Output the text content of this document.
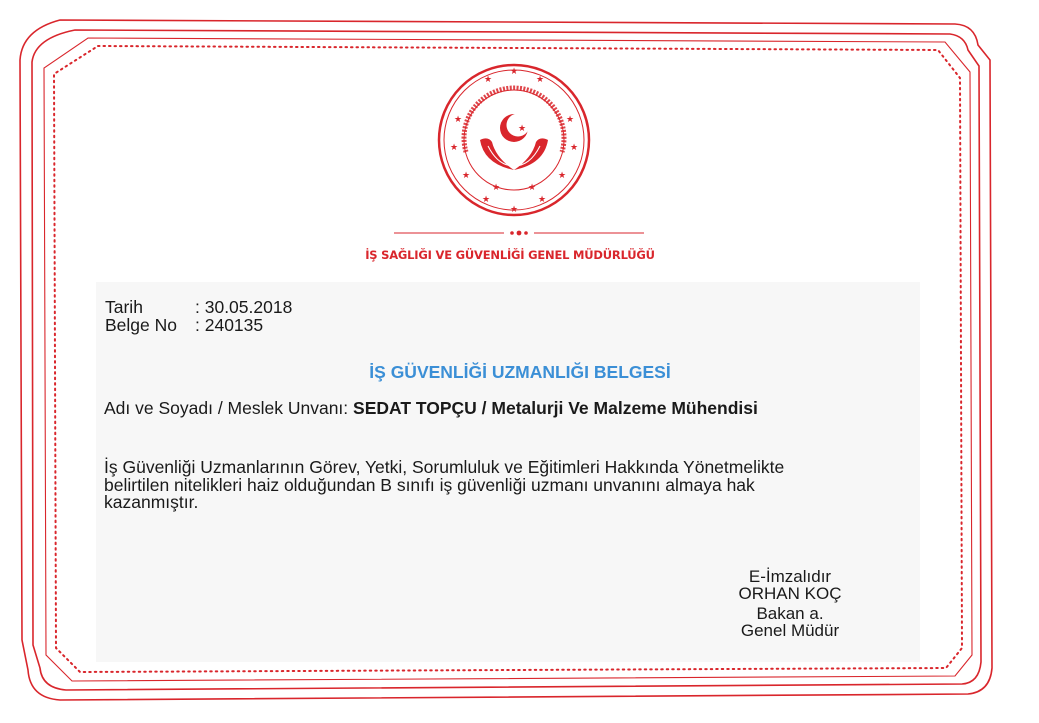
★
★	★
★	★
★	★
★	★
★	★
★
★	★
★
İŞ SAĞLIĞI VE GÜVENLİĞİ GENEL MÜDÜRLÜĞÜ
Tarih	: 30.05.2018
Belge No	: 240135
İŞ GÜVENLİĞİ UZMANLIĞI BELGESİ
Adı ve Soyadı / Meslek Unvanı: SEDAT TOPÇU / Metalurji Ve Malzeme Mühendisi
İş Güvenliği Uzmanlarının Görev, Yetki, Sorumluluk ve Eğitimleri Hakkında Yönetmelikte
belirtilen nitelikleri haiz olduğundan B sınıfı iş güvenliği uzmanı unvanını almaya hak
kazanmıştır.
E-İmzalıdır
ORHAN KOÇ
Bakan a.
Genel Müdür
